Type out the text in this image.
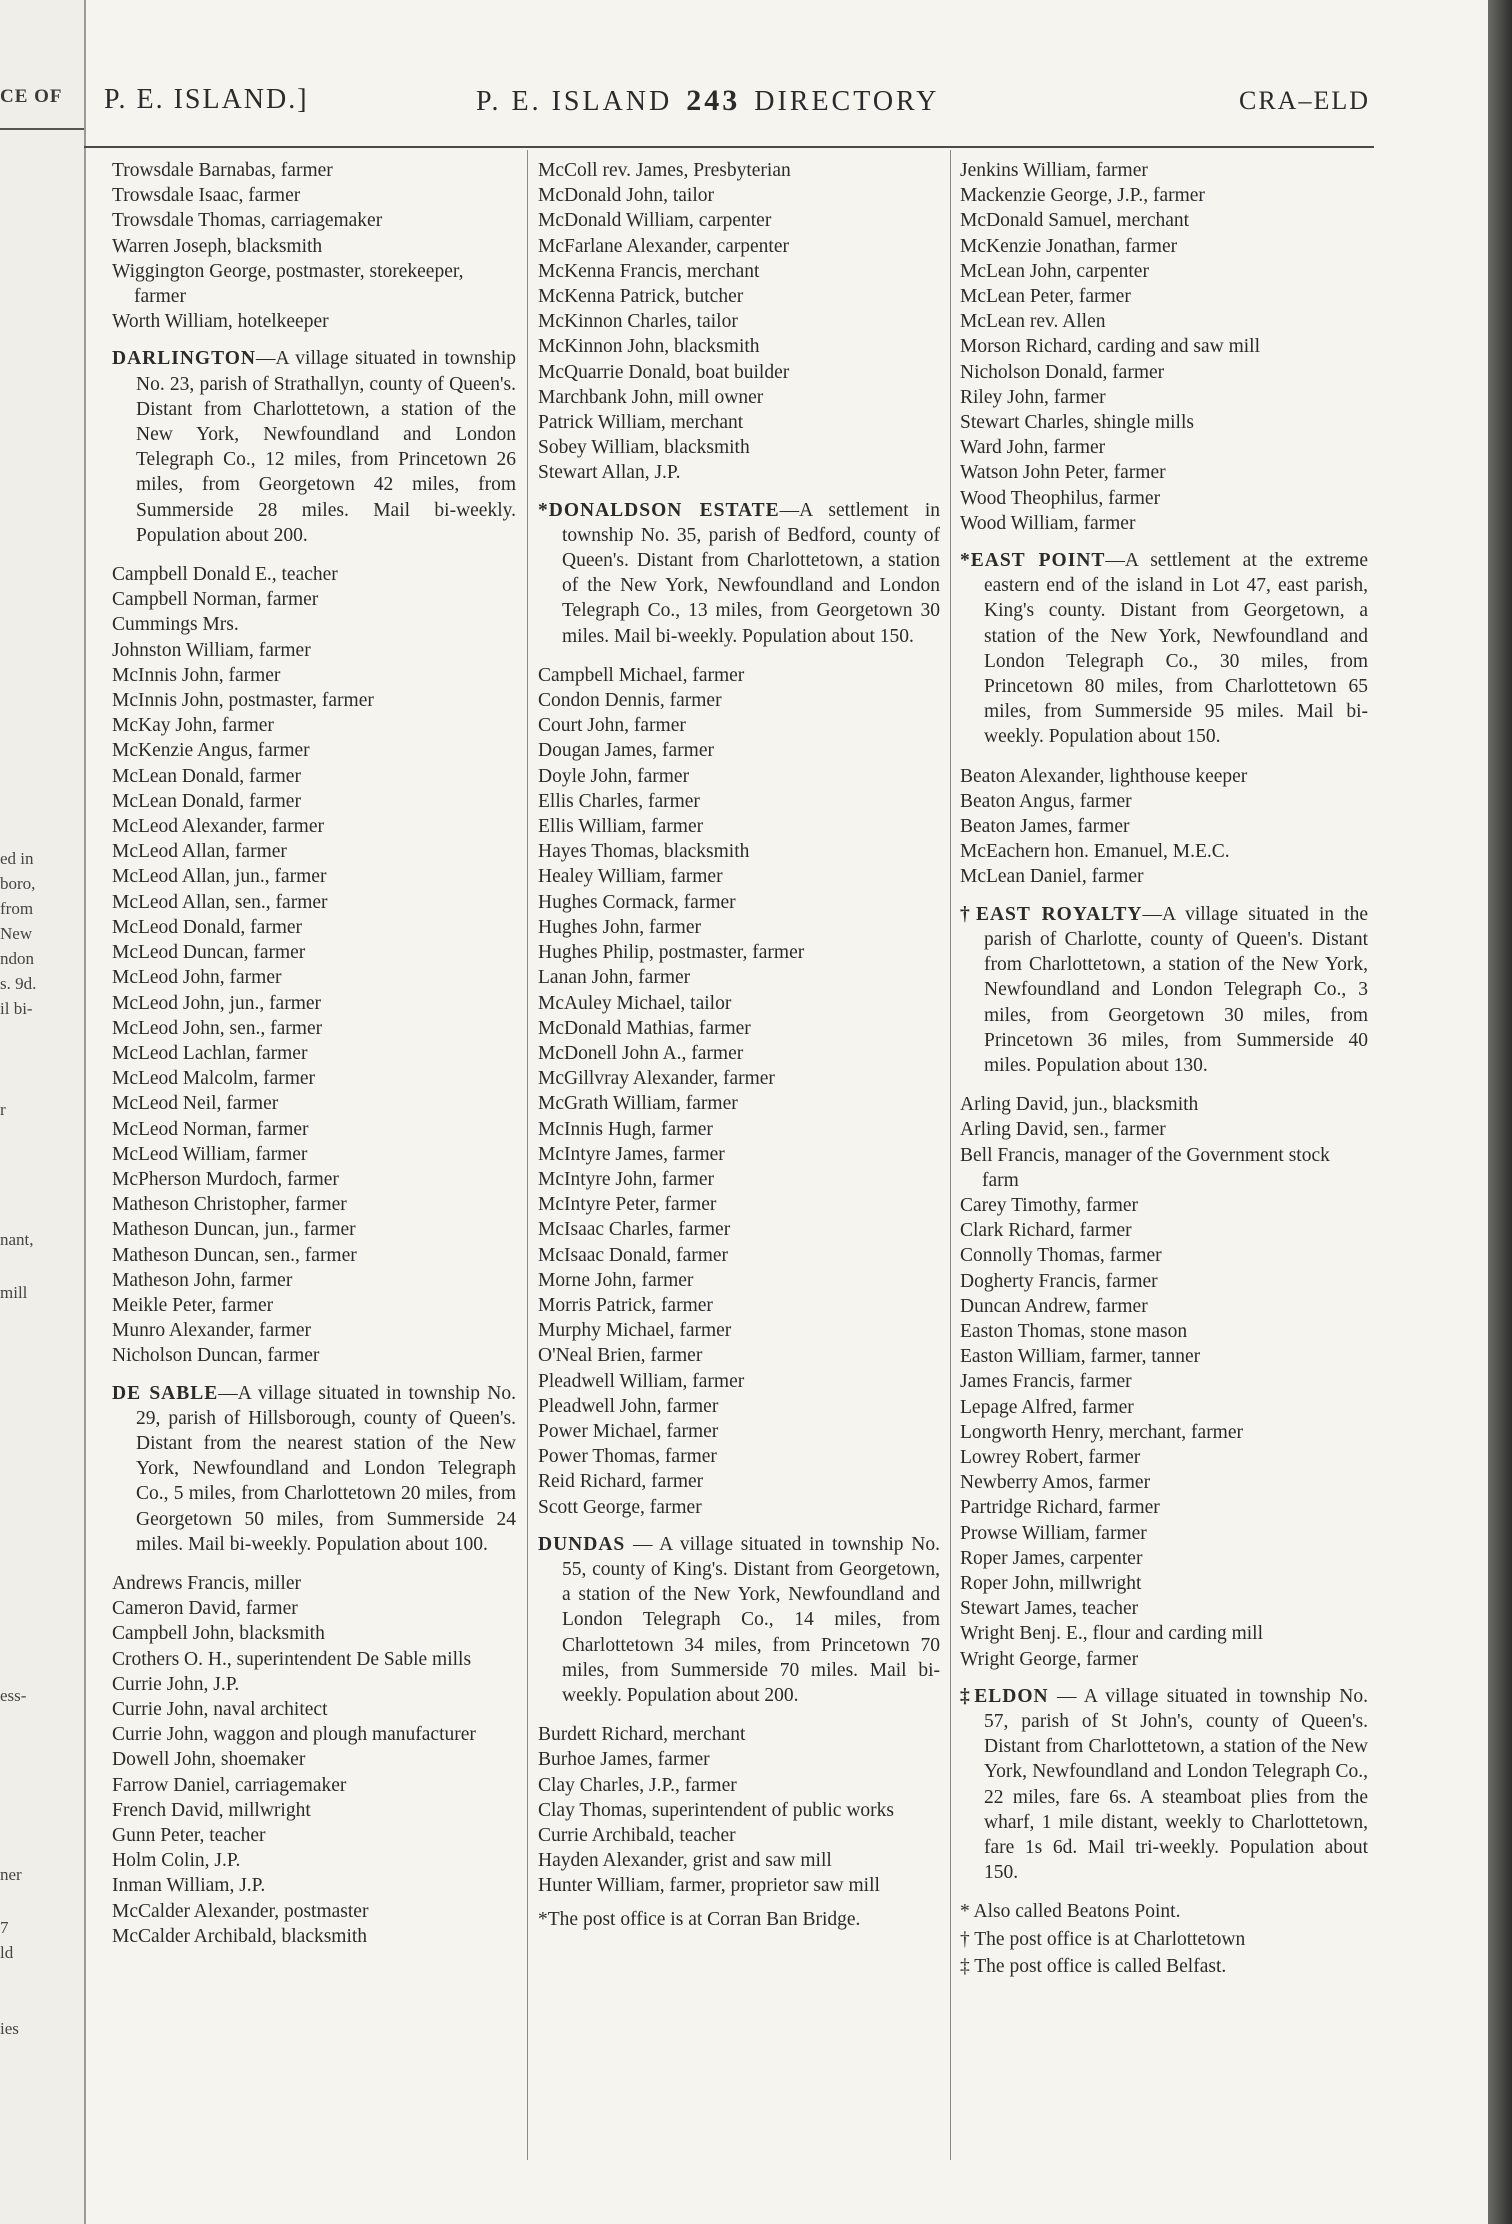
CE OF
ed in
boro,
from
New
ndon
s. 9d.
il bi-
r
nant,
mill
ess-
ner
7
ld
ies
P. E. ISLAND.]	P. E. ISLAND 243 DIRECTORY	CRA–ELD
Trowsdale Barnabas, farmer
Trowsdale Isaac, farmer
Trowsdale Thomas, carriagemaker
Warren Joseph, blacksmith
Wiggington George, postmaster, storekeeper, farmer
Worth William, hotelkeeper
DARLINGTON—A village situated in township No. 23, parish of Strathallyn, county of Queen's. Distant from Charlottetown, a station of the New York, Newfoundland and London Telegraph Co., 12 miles, from Princetown 26 miles, from Georgetown 42 miles, from Summerside 28 miles. Mail bi-weekly. Population about 200.
Campbell Donald E., teacher
Campbell Norman, farmer
Cummings Mrs.
Johnston William, farmer
McInnis John, farmer
McInnis John, postmaster, farmer
McKay John, farmer
McKenzie Angus, farmer
McLean Donald, farmer
McLean Donald, farmer
McLeod Alexander, farmer
McLeod Allan, farmer
McLeod Allan, jun., farmer
McLeod Allan, sen., farmer
McLeod Donald, farmer
McLeod Duncan, farmer
McLeod John, farmer
McLeod John, jun., farmer
McLeod John, sen., farmer
McLeod Lachlan, farmer
McLeod Malcolm, farmer
McLeod Neil, farmer
McLeod Norman, farmer
McLeod William, farmer
McPherson Murdoch, farmer
Matheson Christopher, farmer
Matheson Duncan, jun., farmer
Matheson Duncan, sen., farmer
Matheson John, farmer
Meikle Peter, farmer
Munro Alexander, farmer
Nicholson Duncan, farmer
DE SABLE—A village situated in township No. 29, parish of Hillsborough, county of Queen's. Distant from the nearest station of the New York, Newfoundland and London Telegraph Co., 5 miles, from Charlottetown 20 miles, from Georgetown 50 miles, from Summerside 24 miles. Mail bi-weekly. Population about 100.
Andrews Francis, miller
Cameron David, farmer
Campbell John, blacksmith
Crothers O. H., superintendent De Sable mills
Currie John, J.P.
Currie John, naval architect
Currie John, waggon and plough manufacturer
Dowell John, shoemaker
Farrow Daniel, carriagemaker
French David, millwright
Gunn Peter, teacher
Holm Colin, J.P.
Inman William, J.P.
McCalder Alexander, postmaster
McCalder Archibald, blacksmith
McColl rev. James, Presbyterian
McDonald John, tailor
McDonald William, carpenter
McFarlane Alexander, carpenter
McKenna Francis, merchant
McKenna Patrick, butcher
McKinnon Charles, tailor
McKinnon John, blacksmith
McQuarrie Donald, boat builder
Marchbank John, mill owner
Patrick William, merchant
Sobey William, blacksmith
Stewart Allan, J.P.
*DONALDSON ESTATE—A settlement in township No. 35, parish of Bedford, county of Queen's. Distant from Charlottetown, a station of the New York, Newfoundland and London Telegraph Co., 13 miles, from Georgetown 30 miles. Mail bi-weekly. Population about 150.
Campbell Michael, farmer
Condon Dennis, farmer
Court John, farmer
Dougan James, farmer
Doyle John, farmer
Ellis Charles, farmer
Ellis William, farmer
Hayes Thomas, blacksmith
Healey William, farmer
Hughes Cormack, farmer
Hughes John, farmer
Hughes Philip, postmaster, farmer
Lanan John, farmer
McAuley Michael, tailor
McDonald Mathias, farmer
McDonell John A., farmer
McGillvray Alexander, farmer
McGrath William, farmer
McInnis Hugh, farmer
McIntyre James, farmer
McIntyre John, farmer
McIntyre Peter, farmer
McIsaac Charles, farmer
McIsaac Donald, farmer
Morne John, farmer
Morris Patrick, farmer
Murphy Michael, farmer
O'Neal Brien, farmer
Pleadwell William, farmer
Pleadwell John, farmer
Power Michael, farmer
Power Thomas, farmer
Reid Richard, farmer
Scott George, farmer
DUNDAS — A village situated in township No. 55, county of King's. Distant from Georgetown, a station of the New York, Newfoundland and London Telegraph Co., 14 miles, from Charlottetown 34 miles, from Princetown 70 miles, from Summerside 70 miles. Mail bi-weekly. Population about 200.
Burdett Richard, merchant
Burhoe James, farmer
Clay Charles, J.P., farmer
Clay Thomas, superintendent of public works
Currie Archibald, teacher
Hayden Alexander, grist and saw mill
Hunter William, farmer, proprietor saw mill
*The post office is at Corran Ban Bridge.
Jenkins William, farmer
Mackenzie George, J.P., farmer
McDonald Samuel, merchant
McKenzie Jonathan, farmer
McLean John, carpenter
McLean Peter, farmer
McLean rev. Allen
Morson Richard, carding and saw mill
Nicholson Donald, farmer
Riley John, farmer
Stewart Charles, shingle mills
Ward John, farmer
Watson John Peter, farmer
Wood Theophilus, farmer
Wood William, farmer
*EAST POINT—A settlement at the extreme eastern end of the island in Lot 47, east parish, King's county. Distant from Georgetown, a station of the New York, Newfoundland and London Telegraph Co., 30 miles, from Princetown 80 miles, from Charlottetown 65 miles, from Summerside 95 miles. Mail bi-weekly. Population about 150.
Beaton Alexander, lighthouse keeper
Beaton Angus, farmer
Beaton James, farmer
McEachern hon. Emanuel, M.E.C.
McLean Daniel, farmer
†EAST ROYALTY—A village situated in the parish of Charlotte, county of Queen's. Distant from Charlottetown, a station of the New York, Newfoundland and London Telegraph Co., 3 miles, from Georgetown 30 miles, from Princetown 36 miles, from Summerside 40 miles. Population about 130.
Arling David, jun., blacksmith
Arling David, sen., farmer
Bell Francis, manager of the Government stock farm
Carey Timothy, farmer
Clark Richard, farmer
Connolly Thomas, farmer
Dogherty Francis, farmer
Duncan Andrew, farmer
Easton Thomas, stone mason
Easton William, farmer, tanner
James Francis, farmer
Lepage Alfred, farmer
Longworth Henry, merchant, farmer
Lowrey Robert, farmer
Newberry Amos, farmer
Partridge Richard, farmer
Prowse William, farmer
Roper James, carpenter
Roper John, millwright
Stewart James, teacher
Wright Benj. E., flour and carding mill
Wright George, farmer
‡ELDON — A village situated in township No. 57, parish of St John's, county of Queen's. Distant from Charlottetown, a station of the New York, Newfoundland and London Telegraph Co., 22 miles, fare 6s. A steamboat plies from the wharf, 1 mile distant, weekly to Charlottetown, fare 1s 6d. Mail tri-weekly. Population about 150.
* Also called Beatons Point.
† The post office is at Charlottetown
‡ The post office is called Belfast.
